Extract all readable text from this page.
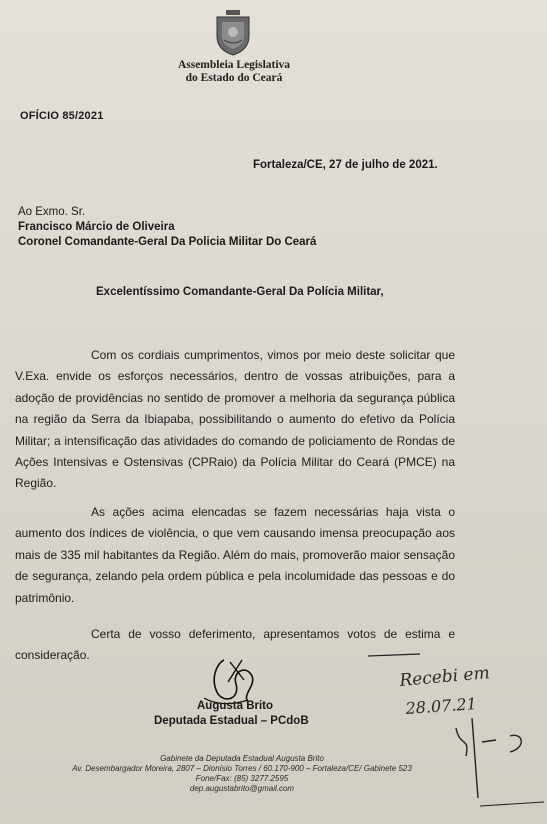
Assembleia Legislativa
do Estado do Ceará
OFÍCIO 85/2021
Fortaleza/CE, 27 de julho de 2021.
Ao Exmo. Sr.
Francisco Márcio de Oliveira
Coronel Comandante-Geral Da Policia Militar Do Ceará
Excelentíssimo Comandante-Geral Da Polícia Militar,
Com os cordiais cumprimentos, vimos por meio deste solicitar que V.Exa. envide os esforços necessários, dentro de vossas atribuições, para a adoção de providências no sentido de promover a melhoria da segurança pública na região da Serra da Ibiapaba, possibilitando o aumento do efetivo da Polícia Militar; a intensificação das atividades do comando de policiamento de Rondas de Ações Intensivas e Ostensivas (CPRaio) da Polícia Militar do Ceará (PMCE) na Região.
As ações acima elencadas se fazem necessárias haja vista o aumento dos índices de violência, o que vem causando imensa preocupação aos mais de 335 mil habitantes da Região. Além do mais, promoverão maior sensação de segurança, zelando pela ordem pública e pela incolumidade das pessoas e do patrimônio.
Certa de vosso deferimento, apresentamos votos de estima e consideração.
Augusta Brito
Deputada Estadual – PCdoB
Gabinete da Deputada Estadual Augusta Brito
Av. Desembargador Moreira, 2807 – Dionísio Torres / 60.170-900 – Fortaleza/CE/ Gabinete 523
Fone/Fax: (85) 3277.2595
dep.augustabrito@gmail.com
Recebi em
28.07.21
